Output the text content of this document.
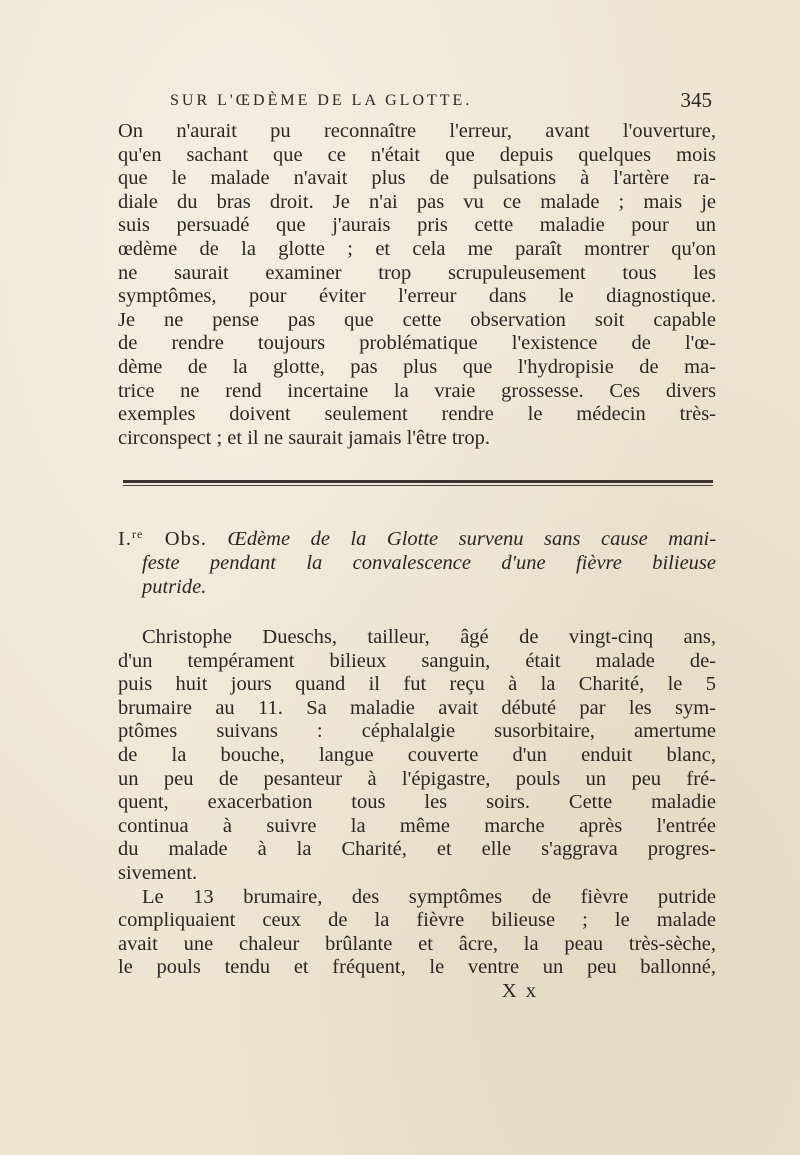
SUR L'ŒDÈME DE LA GLOTTE.	345
On n'aurait pu reconnaître l'erreur, avant l'ouverture,
qu'en sachant que ce n'était que depuis quelques mois
que le malade n'avait plus de pulsations à l'artère ra-
diale du bras droit. Je n'ai pas vu ce malade ; mais je
suis persuadé que j'aurais pris cette maladie pour un
œdème de la glotte ; et cela me paraît montrer qu'on
ne saurait examiner trop scrupuleusement tous les
symptômes, pour éviter l'erreur dans le diagnostique.
Je ne pense pas que cette observation soit capable
de rendre toujours problématique l'existence de l'œ-
dème de la glotte, pas plus que l'hydropisie de ma-
trice ne rend incertaine la vraie grossesse. Ces divers
exemples doivent seulement rendre le médecin très-
circonspect ; et il ne saurait jamais l'être trop.
I.$^{re}$ Obs. Œdème de la Glotte survenu sans cause mani-
feste pendant la convalescence d'une fièvre bilieuse
putride.
Christophe Dueschs, tailleur, âgé de vingt-cinq ans,
d'un tempérament bilieux sanguin, était malade de-
puis huit jours quand il fut reçu à la Charité, le 5
brumaire au 11. Sa maladie avait débuté par les sym-
ptômes suivans : céphalalgie susorbitaire, amertume
de la bouche, langue couverte d'un enduit blanc,
un peu de pesanteur à l'épigastre, pouls un peu fré-
quent, exacerbation tous les soirs. Cette maladie
continua à suivre la même marche après l'entrée
du malade à la Charité, et elle s'aggrava progres-
sivement.
Le 13 brumaire, des symptômes de fièvre putride
compliquaient ceux de la fièvre bilieuse ; le malade
avait une chaleur brûlante et âcre, la peau très-sèche,
le pouls tendu et fréquent, le ventre un peu ballonné,
X x
